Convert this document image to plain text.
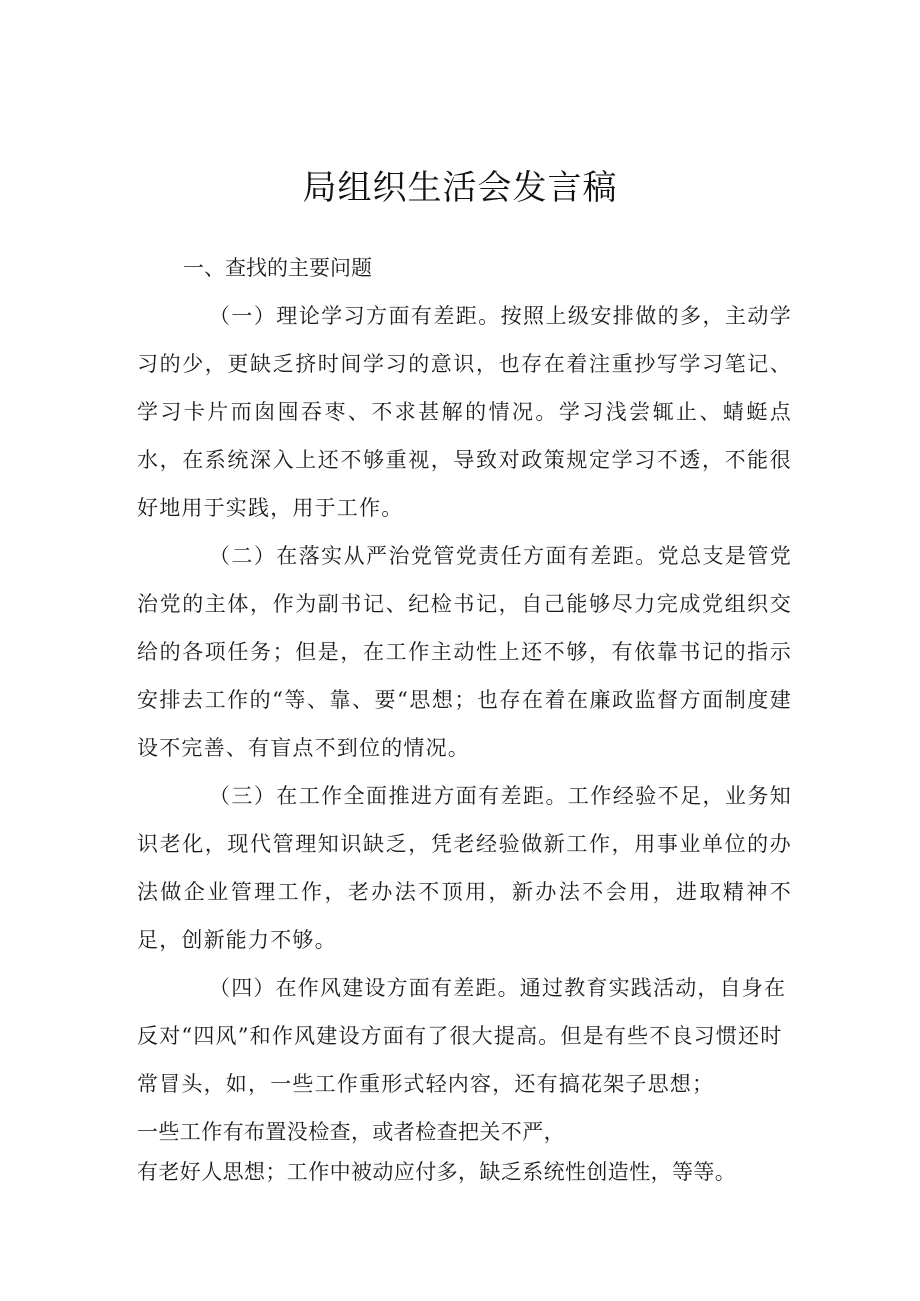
局组织生活会发言稿

一、查找的主要问题

（一）理论学习方面有差距。按照上级安排做的多，主动学习的少，更缺乏挤时间学习的意识，也存在着注重抄写学习笔记、学习卡片而囱囤吞枣、不求甚解的情况。学习浅尝辄止、蜻蜓点水，在系统深入上还不够重视，导致对政策规定学习不透，不能很好地用于实践，用于工作。

（二）在落实从严治党管党责任方面有差距。党总支是管党治党的主体，作为副书记、纪检书记，自己能够尽力完成党组织交给的各项任务；但是，在工作主动性上还不够，有依靠书记的指示安排去工作的“等、靠、要“思想；也存在着在廉政监督方面制度建设不完善、有盲点不到位的情况。

（三）在工作全面推进方面有差距。工作经验不足，业务知识老化，现代管理知识缺乏，凭老经验做新工作，用事业单位的办法做企业管理工作，老办法不顶用，新办法不会用，进取精神不足，创新能力不够。

（四）在作风建设方面有差距。通过教育实践活动，自身在反对“四风”和作风建设方面有了很大提高。但是有些不良习惯还时常冒头，如，一些工作重形式轻内容，还有搞花架子思想；
一些工作有布置没检查，或者检查把关不严，
有老好人思想；工作中被动应付多，缺乏系统性创造性，等等。
